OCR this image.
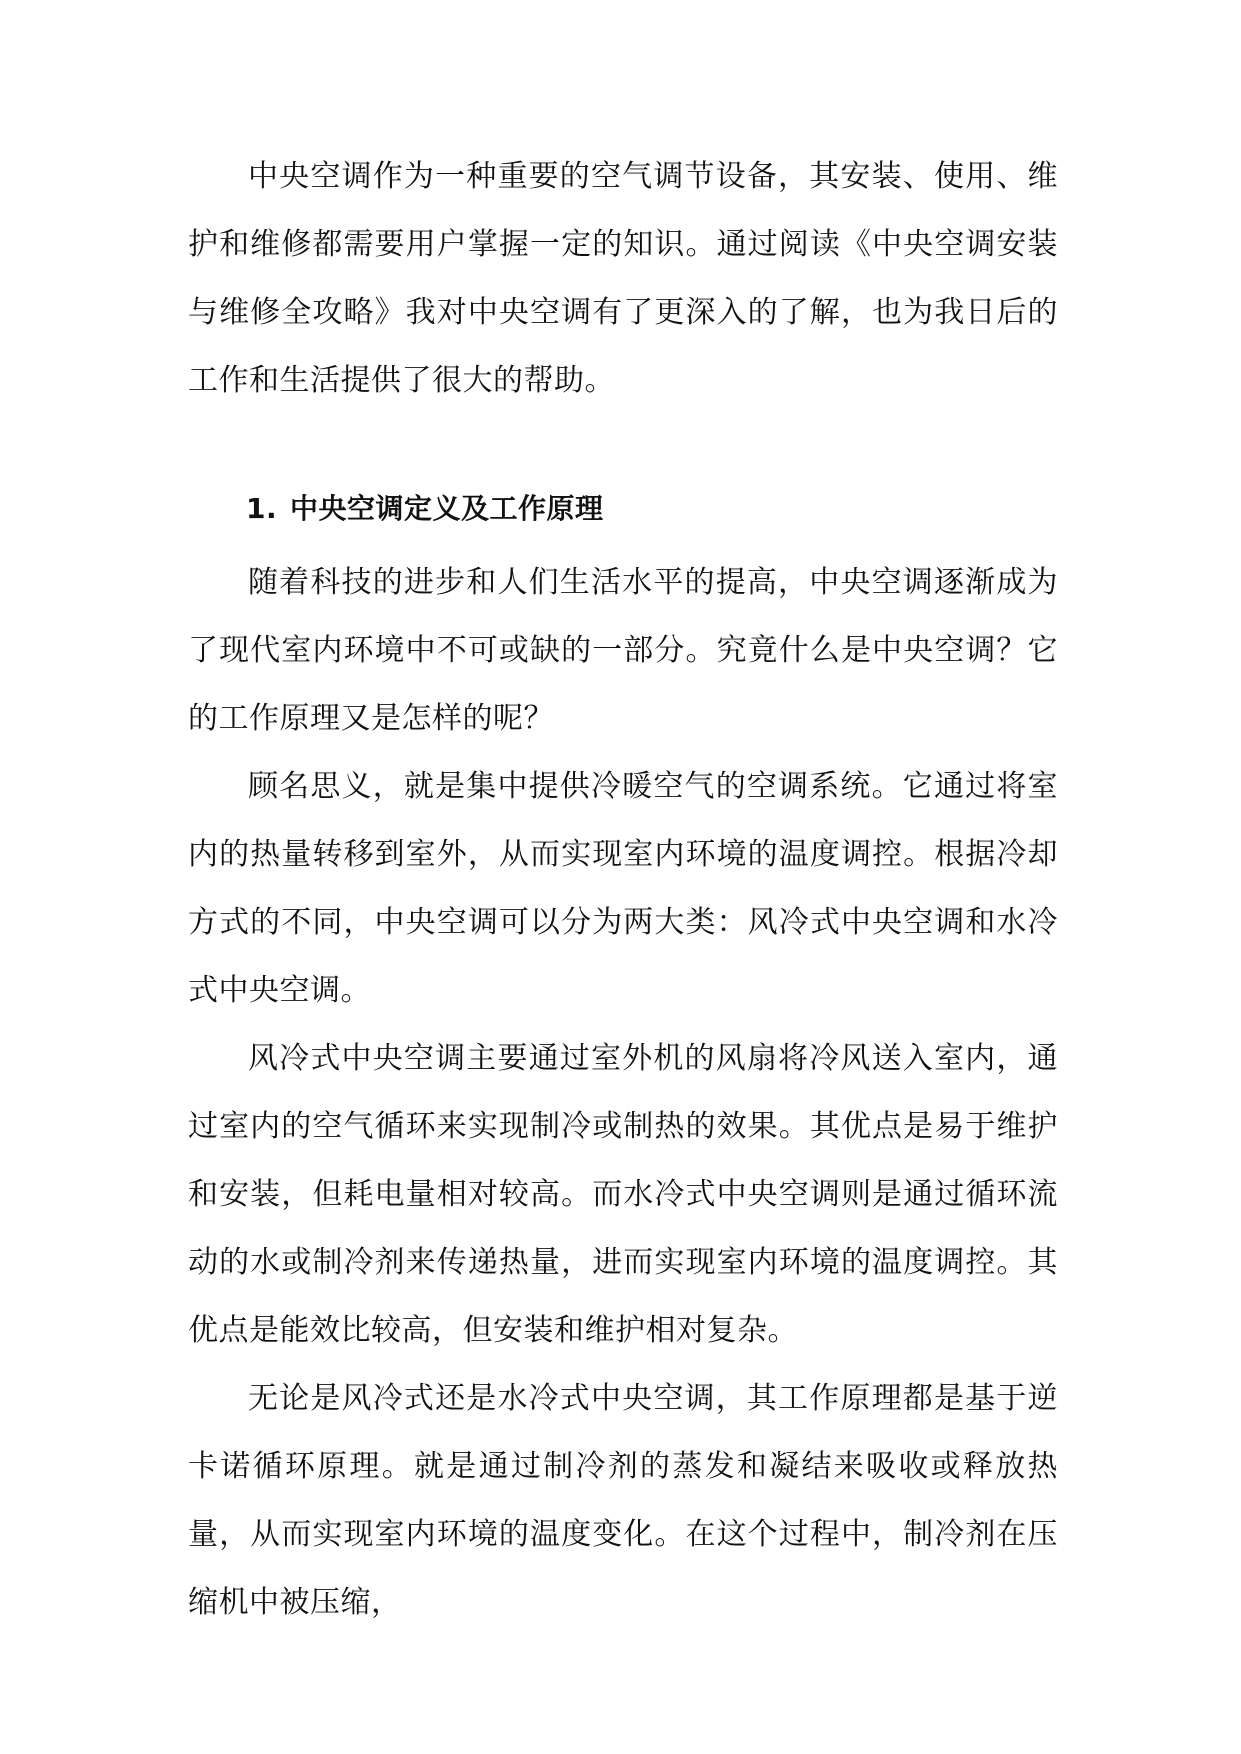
中央空调作为一种重要的空气调节设备，其安装、使用、维护和维修都需要用户掌握一定的知识。通过阅读《中央空调安装与维修全攻略》我对中央空调有了更深入的了解，也为我日后的工作和生活提供了很大的帮助。

1. 中央空调定义及工作原理

随着科技的进步和人们生活水平的提高，中央空调逐渐成为了现代室内环境中不可或缺的一部分。究竟什么是中央空调？它的工作原理又是怎样的呢？

顾名思义，就是集中提供冷暖空气的空调系统。它通过将室内的热量转移到室外，从而实现室内环境的温度调控。根据冷却方式的不同，中央空调可以分为两大类：风冷式中央空调和水冷式中央空调。

风冷式中央空调主要通过室外机的风扇将冷风送入室内，通过室内的空气循环来实现制冷或制热的效果。其优点是易于维护和安装，但耗电量相对较高。而水冷式中央空调则是通过循环流动的水或制冷剂来传递热量，进而实现室内环境的温度调控。其优点是能效比较高，但安装和维护相对复杂。

无论是风冷式还是水冷式中央空调，其工作原理都是基于逆卡诺循环原理。就是通过制冷剂的蒸发和凝结来吸收或释放热量，从而实现室内环境的温度变化。在这个过程中，制冷剂在压缩机中被压缩，
